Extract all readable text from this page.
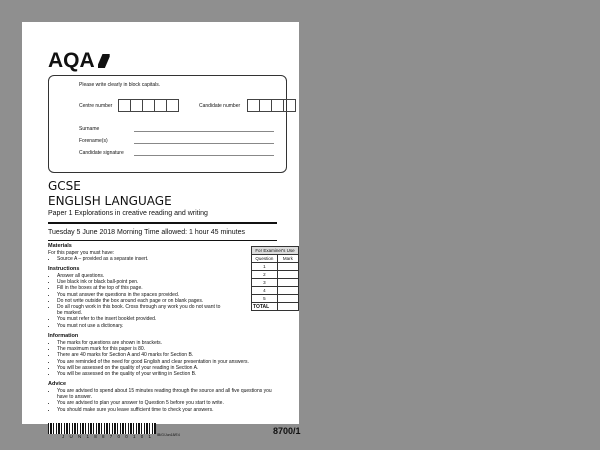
AQA
Please write clearly in block capitals.
Centre number	Candidate number
Surname
Forename(s)
Candidate signature
GCSE
ENGLISH LANGUAGE
Paper 1 Explorations in creative reading and writing
Tuesday 5 June 2018 Morning Time allowed: 1 hour 45 minutes
Materials
For this paper you must have:
• Source A – provided as a separate insert.
Instructions
• Answer all questions.
• Use black ink or black ball-point pen.
• Fill in the boxes at the top of this page.
• You must answer the questions in the spaces provided.
• Do not write outside the box around each page or on blank pages.
• Do all rough work in this book. Cross through any work you do not want to be marked.
• You must refer to the insert booklet provided.
• You must not use a dictionary.
Information
• The marks for questions are shown in brackets.
• The maximum mark for this paper is 80.
• There are 40 marks for Section A and 40 marks for Section B.
• You are reminded of the need for good English and clear presentation in your answers.
• You will be assessed on the quality of your reading in Section A.
• You will be assessed on the quality of your writing in Section B.
Advice
• You are advised to spend about 15 minutes reading through the source and all five questions you have to answer.
• You are advised to plan your answer to Question 5 before you start to write.
• You should make sure you leave sufficient time to check your answers.
For Examiner's Use	
Question	Mark
1	
2	
3	
4	
5	
TOTAL	
J U N 1 8 8 7 0 0 1 0 1 IB/G/Jun18/E4	8700/1
